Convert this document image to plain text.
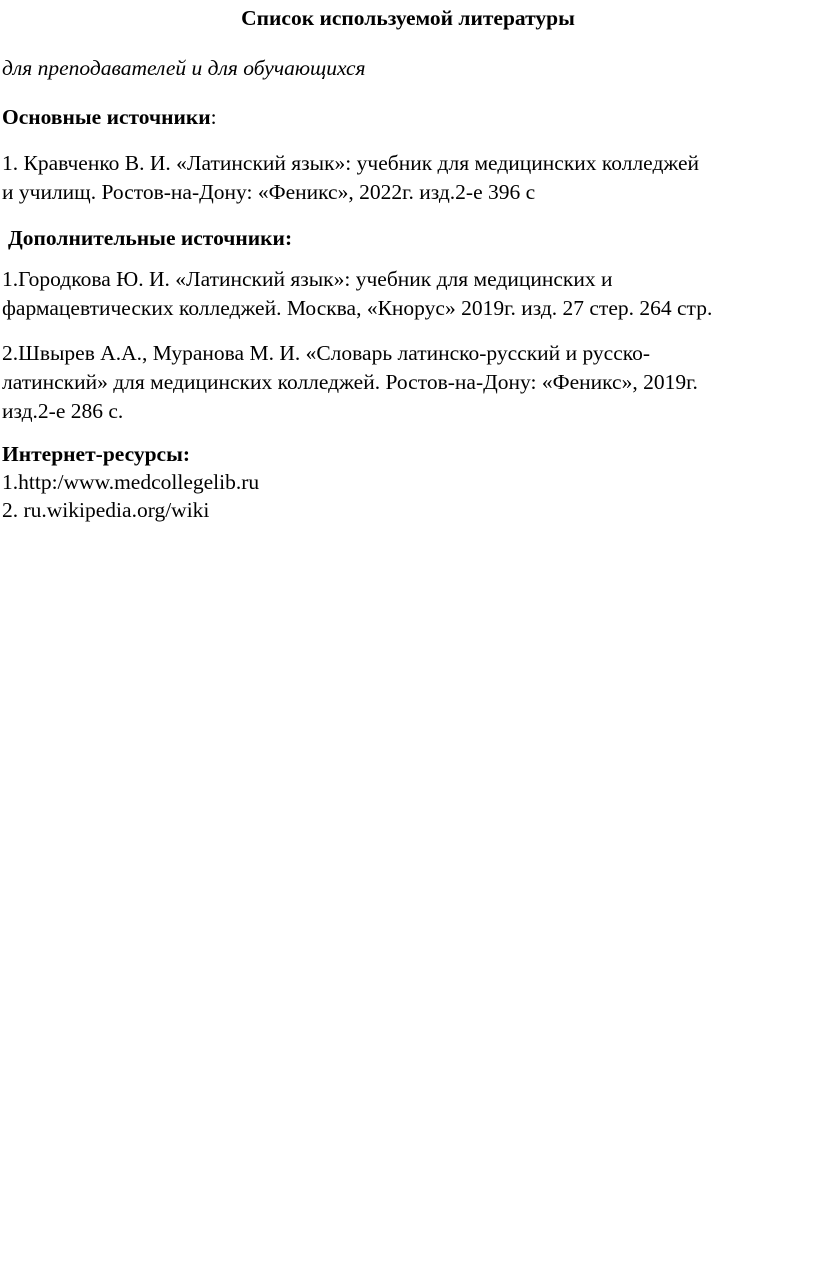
Список используемой литературы

для преподавателей и для обучающихся

Основные источники:

1. Кравченко В. И. «Латинский язык»: учебник для медицинских колледжей
и училищ. Ростов-на-Дону: «Феникс», 2022г. изд.2-е 396 с

Дополнительные источники:

1.Городкова Ю. И. «Латинский язык»: учебник для медицинских и
фармацевтических колледжей. Москва, «Кнорус» 2019г. изд. 27 стер. 264 стр.
2.Швырев А.А., Муранова М. И. «Словарь латинско-русский и русско-
латинский» для медицинских колледжей. Ростов-на-Дону: «Феникс», 2019г.
изд.2-е 286 с.

Интернет-ресурсы:

1.http:/www.medcollegelib.ru

2. ru.wikipedia.org/wiki
